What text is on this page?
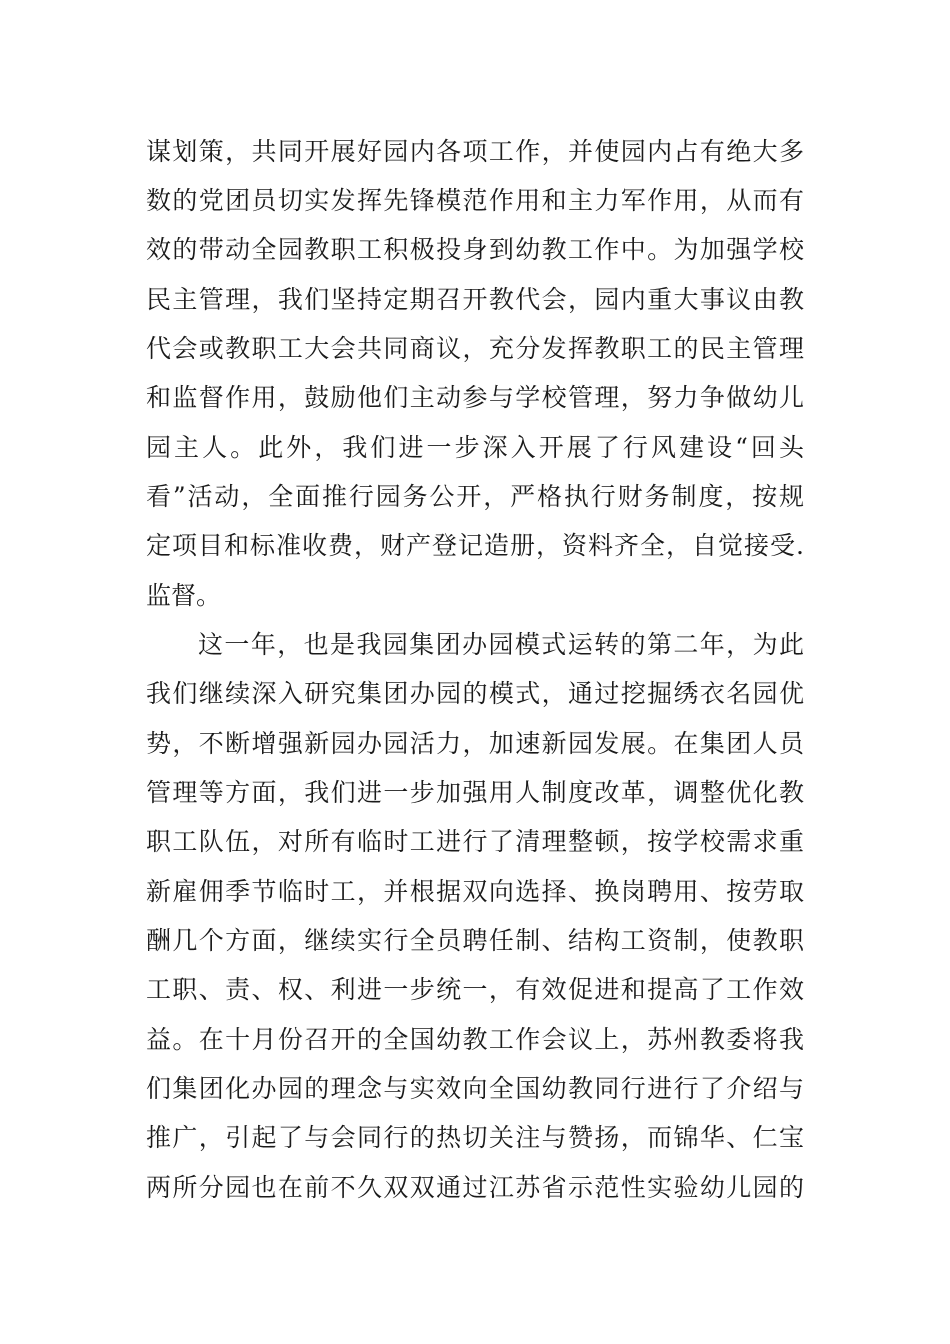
谋划策，共同开展好园内各项工作，并使园内占有绝大多
数的党团员切实发挥先锋模范作用和主力军作用，从而有
效的带动全园教职工积极投身到幼教工作中。为加强学校
民主管理，我们坚持定期召开教代会，园内重大事议由教
代会或教职工大会共同商议，充分发挥教职工的民主管理
和监督作用，鼓励他们主动参与学校管理，努力争做幼儿
园主人。此外，我们进一步深入开展了行风建设“回头
看”活动，全面推行园务公开，严格执行财务制度，按规
定项目和标准收费，财产登记造册，资料齐全，自觉接受.
监督。
这一年，也是我园集团办园模式运转的第二年，为此
我们继续深入研究集团办园的模式，通过挖掘绣衣名园优
势，不断增强新园办园活力，加速新园发展。在集团人员
管理等方面，我们进一步加强用人制度改革，调整优化教
职工队伍，对所有临时工进行了清理整顿，按学校需求重
新雇佣季节临时工，并根据双向选择、换岗聘用、按劳取
酬几个方面，继续实行全员聘任制、结构工资制，使教职
工职、责、权、利进一步统一，有效促进和提高了工作效
益。在十月份召开的全国幼教工作会议上，苏州教委将我
们集团化办园的理念与实效向全国幼教同行进行了介绍与
推广，引起了与会同行的热切关注与赞扬，而锦华、仁宝
两所分园也在前不久双双通过江苏省示范性实验幼儿园的
